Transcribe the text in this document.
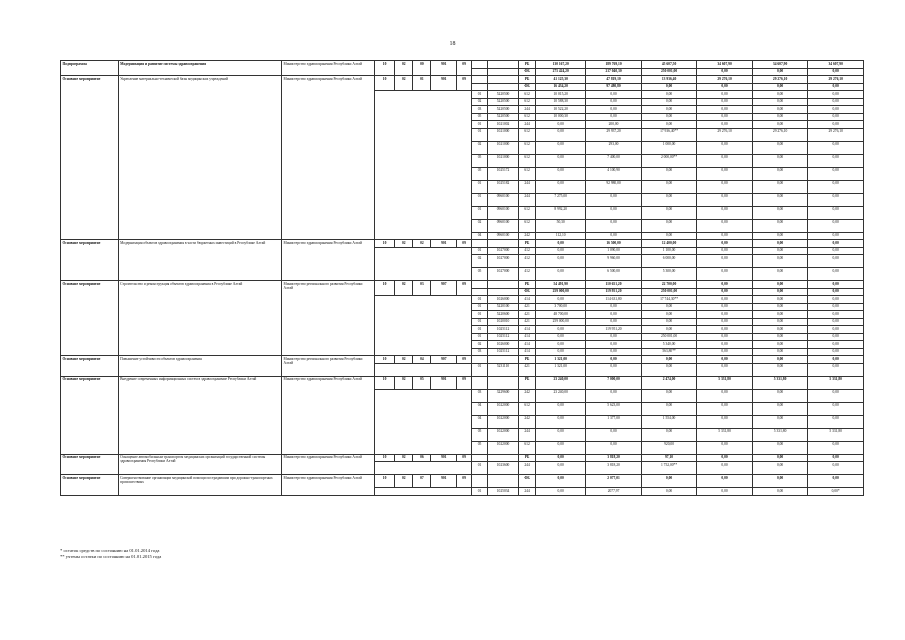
18
Подпрограмма	Модернизация и развитие системы здравоохранения	Министерство здравоохранения Республики Алтай	10	02	00	901	09			РБ	130 167,20	189 769,10	45 607,50	34 607,90	34 607,90	34 607,90
										ФБ	275 424,20	217 040,30	250 001,00	0,00	0,00	0,00
Основное мероприятие	Укрепление материально-технической базы медицинских учреждений	Министерство здравоохранения Республики Алтай	10	02	01	901	09			РБ	41 125,30	47 819,10	13 936,40	29 276,10	29 276,10	29 276,10
										ФБ	16 434,20	97 480,80	0,00	0,00	0,00	0,00
								01	5220500	612	10 015,20	0,00	0,00	0,00	0,00	0,00
								02	5220500	612	10 588,30	0,00	0,00	0,00	0,00	0,00
								03	5220500	244	10 522,20	0,00	0,00	0,00	0,00	0,00
								05	5220500	612	10 000,30	0,00	0,00	0,00	0,00	0,00
								01	1021002	244	0,00	200,00	0,00	0,00	0,00	0,00
								01	1021000	612	0,00	29 937,20	17 936,40**	29 276,10	29 276,10	29 276,10
								02	1021000	612	0,00	293,00	1 000,00	0,00	0,00	0,00
								05	1021000	612	0,00	7 400,00	2 000,00**	0,00	0,00	0,00
								05	1025172	612	0,00	4 100,90	0,00	0,00	0,00	0,00
								01	1025182	244	0,00	92 980,00	0,00	0,00	0,00	0,00
								01	0960100	244	7 275,00	0,00	0,00	0,00	0,00	0,00
								01	0960100	612	8 992,20	0,00	0,00	0,00	0,00	0,00
								02	0960100	612	50,30	0,00	0,00	0,00	0,00	0,00
								04	0960100	242	112,10	0,00	0,00	0,00	0,00	0,00
Основное мероприятие	Модернизация объектов здравоохранения в части бюджетных инвестиций в Республике Алтай	Министерство здравоохранения Республики Алтай	10	02	02	901	09			РБ	0,00	16 500,00	12 400,00	0,00	0,00	0,00
								01	1027000	412	0,00	1 090,00	1 100,00	0,00	0,00	0,00
								02	1027000	412	0,00	9 960,00	6 000,00	0,00	0,00	0,00
								05	1027000	412	0,00	6 500,00	5 300,00	0,00	0,00	0,00
Основное мероприятие	Строительство и реконструкция объектов здравоохранения в Республике Алтай	Министерство регионального развития Республики Алтай	10	02	03	907	09			РБ	54 491,90	110 651,20	22 700,00	0,00	0,00	0,00
										ФБ	259 000,00	119 951,20	250 001,00	0,00	0,00	0,00
								01	1026000	414	0,00	114 631,80	17 744,30**	0,00	0,00	0,00
								01	5220100	421	3 700,00	0,00	0,00	0,00	0,00	0,00
								01	5220600	421	48 700,00	0,00	0,00	0,00	0,00	0,00
								01	1020010	421	259 000,00	0,00	0,00	0,00	0,00	0,00
								01	1025112	414	0,00	119 951,20	0,00	0,00	0,00	0,00
								01	1025112	414	0,00	0,00	250 001,00	0,00	0,00	0,00
								02	1026000	414	0,00	0,00	5 340,00	0,00	0,00	0,00
								03	1025112	414	0,00	0,00	563,80**	0,00	0,00	0,00
Основное мероприятие	Повышение устойчивости объектов здравоохранения	Министерство регионального развития Республики Алтай	10	02	04	907	09			РБ	1 321,00	0,00	0,00	0,00	0,00	0,00
								01	5231110	421	1 321,00	0,00	0,00	0,00	0,00	0,00
Основное мероприятие	Внедрение современных информационных систем в здравоохранение Республики Алтай	Министерство здравоохранения Республики Алтай	10	02	05	901	09			РБ	23 240,00	7 000,00	2 474,00	5 331,80	5 331,80	5 331,80
								03	3229600	242	23 240,00	0,00	0,00	0,00	0,00	0,00
								04	1022000	612	0,00	5 623,00	0,00	0,00	0,00	0,00
								04	1022000	242	0,00	1 377,00	1 554,00	0,00	0,00	0,00
								05	1022000	244	0,00	0,00	0,00	5 331,80	5 331,80	5 331,80
								05	1022000	612	0,00	0,00	920,00	0,00	0,00	0,00
Основное мероприятие	Оснащение автомобильным транспортом медицинских организаций государственной системы здравоохранения Республики Алтай	Министерство здравоохранения Республики Алтай	10	02	06	901	09			РБ	0,00	3 818,20	97,10	0,00	0,00	0,00
								01	1023600	244	0,00	3 818,20	1 752,00**	0,00	0,00	0,00
Основное мероприятие	Совершенствование организации медицинской помощи пострадавшим при дорожно-транспортных происшествиях	Министерство здравоохранения Республики Алтай	10	02	07	901	09			ФБ	0,00	2 077,01	0,00	0,00	0,00	0,00
								01	1025034	244	0,00	2077,97	0,00	0,00	0,00	0,00*
* остаток средств по состоянию на 01.01.2014 года
** учтены остатки по состоянию на 01.01.2015 года
